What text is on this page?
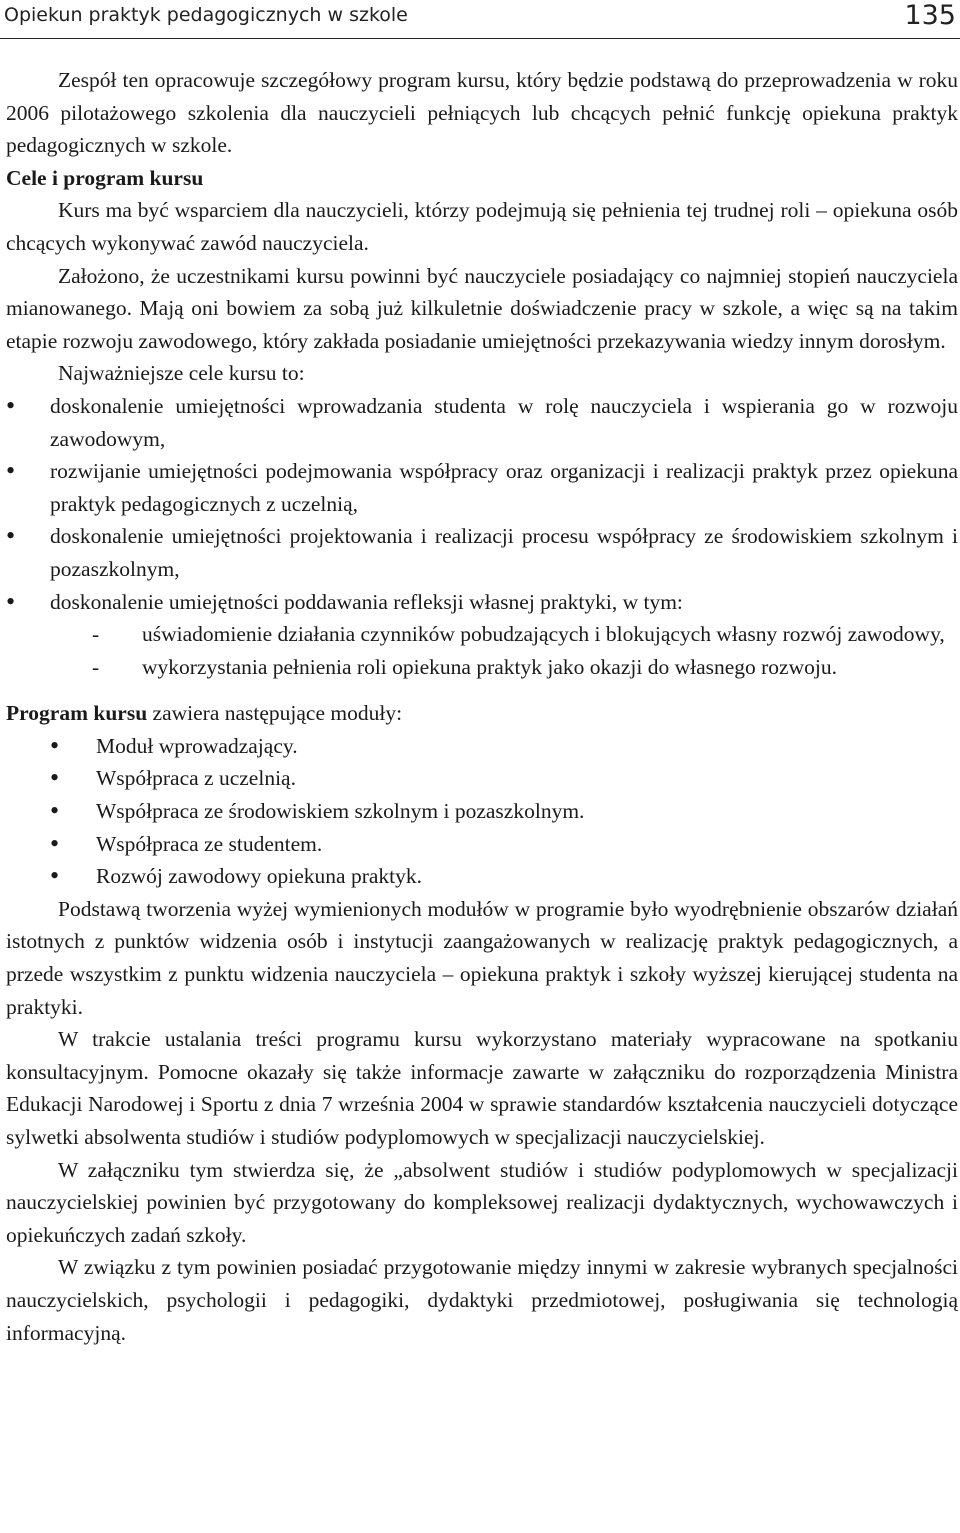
Opiekun praktyk pedagogicznych w szkole	135

Zespół ten opracowuje szczegółowy program kursu, który będzie podstawą do przeprowadzenia w roku 2006 pilotażowego szkolenia dla nauczycieli pełniących lub chcących pełnić funkcję opiekuna praktyk pedagogicznych w szkole.

Cele i program kursu

Kurs ma być wsparciem dla nauczycieli, którzy podejmują się pełnienia tej trudnej roli – opiekuna osób chcących wykonywać zawód nauczyciela.

Założono, że uczestnikami kursu powinni być nauczyciele posiadający co najmniej stopień nauczyciela mianowanego. Mają oni bowiem za sobą już kilkuletnie doświadczenie pracy w szkole, a więc są na takim etapie rozwoju zawodowego, który zakłada posiadanie umiejętności przekazywania wiedzy innym dorosłym.

Najważniejsze cele kursu to:

• doskonalenie umiejętności wprowadzania studenta w rolę nauczyciela i wspierania go w rozwoju zawodowym,
• rozwijanie umiejętności podejmowania współpracy oraz organizacji i realizacji praktyk przez opiekuna praktyk pedagogicznych z uczelnią,
• doskonalenie umiejętności projektowania i realizacji procesu współpracy ze środowiskiem szkolnym i pozaszkolnym,
• doskonalenie umiejętności poddawania refleksji własnej praktyki, w tym:
- uświadomienie działania czynników pobudzających i blokujących własny rozwój zawodowy,
- wykorzystania pełnienia roli opiekuna praktyk jako okazji do własnego rozwoju.

Program kursu zawiera następujące moduły:

• Moduł wprowadzający.
• Współpraca z uczelnią.
• Współpraca ze środowiskiem szkolnym i pozaszkolnym.
• Współpraca ze studentem.
• Rozwój zawodowy opiekuna praktyk.

Podstawą tworzenia wyżej wymienionych modułów w programie było wyodrębnienie obszarów działań istotnych z punktów widzenia osób i instytucji zaangażowanych w realizację praktyk pedagogicznych, a przede wszystkim z punktu widzenia nauczyciela – opiekuna praktyk i szkoły wyższej kierującej studenta na praktyki.

W trakcie ustalania treści programu kursu wykorzystano materiały wypracowane na spotkaniu konsultacyjnym. Pomocne okazały się także informacje zawarte w załączniku do rozporządzenia Ministra Edukacji Narodowej i Sportu z dnia 7 września 2004 w sprawie standardów kształcenia nauczycieli dotyczące sylwetki absolwenta studiów i studiów podyplomowych w specjalizacji nauczycielskiej.

W załączniku tym stwierdza się, że „absolwent studiów i studiów podyplomowych w specjalizacji nauczycielskiej powinien być przygotowany do kompleksowej realizacji dydaktycznych, wychowawczych i opiekuńczych zadań szkoły.

W związku z tym powinien posiadać przygotowanie między innymi w zakresie wybranych specjalności nauczycielskich, psychologii i pedagogiki, dydaktyki przedmiotowej, posługiwania się technologią informacyjną.
